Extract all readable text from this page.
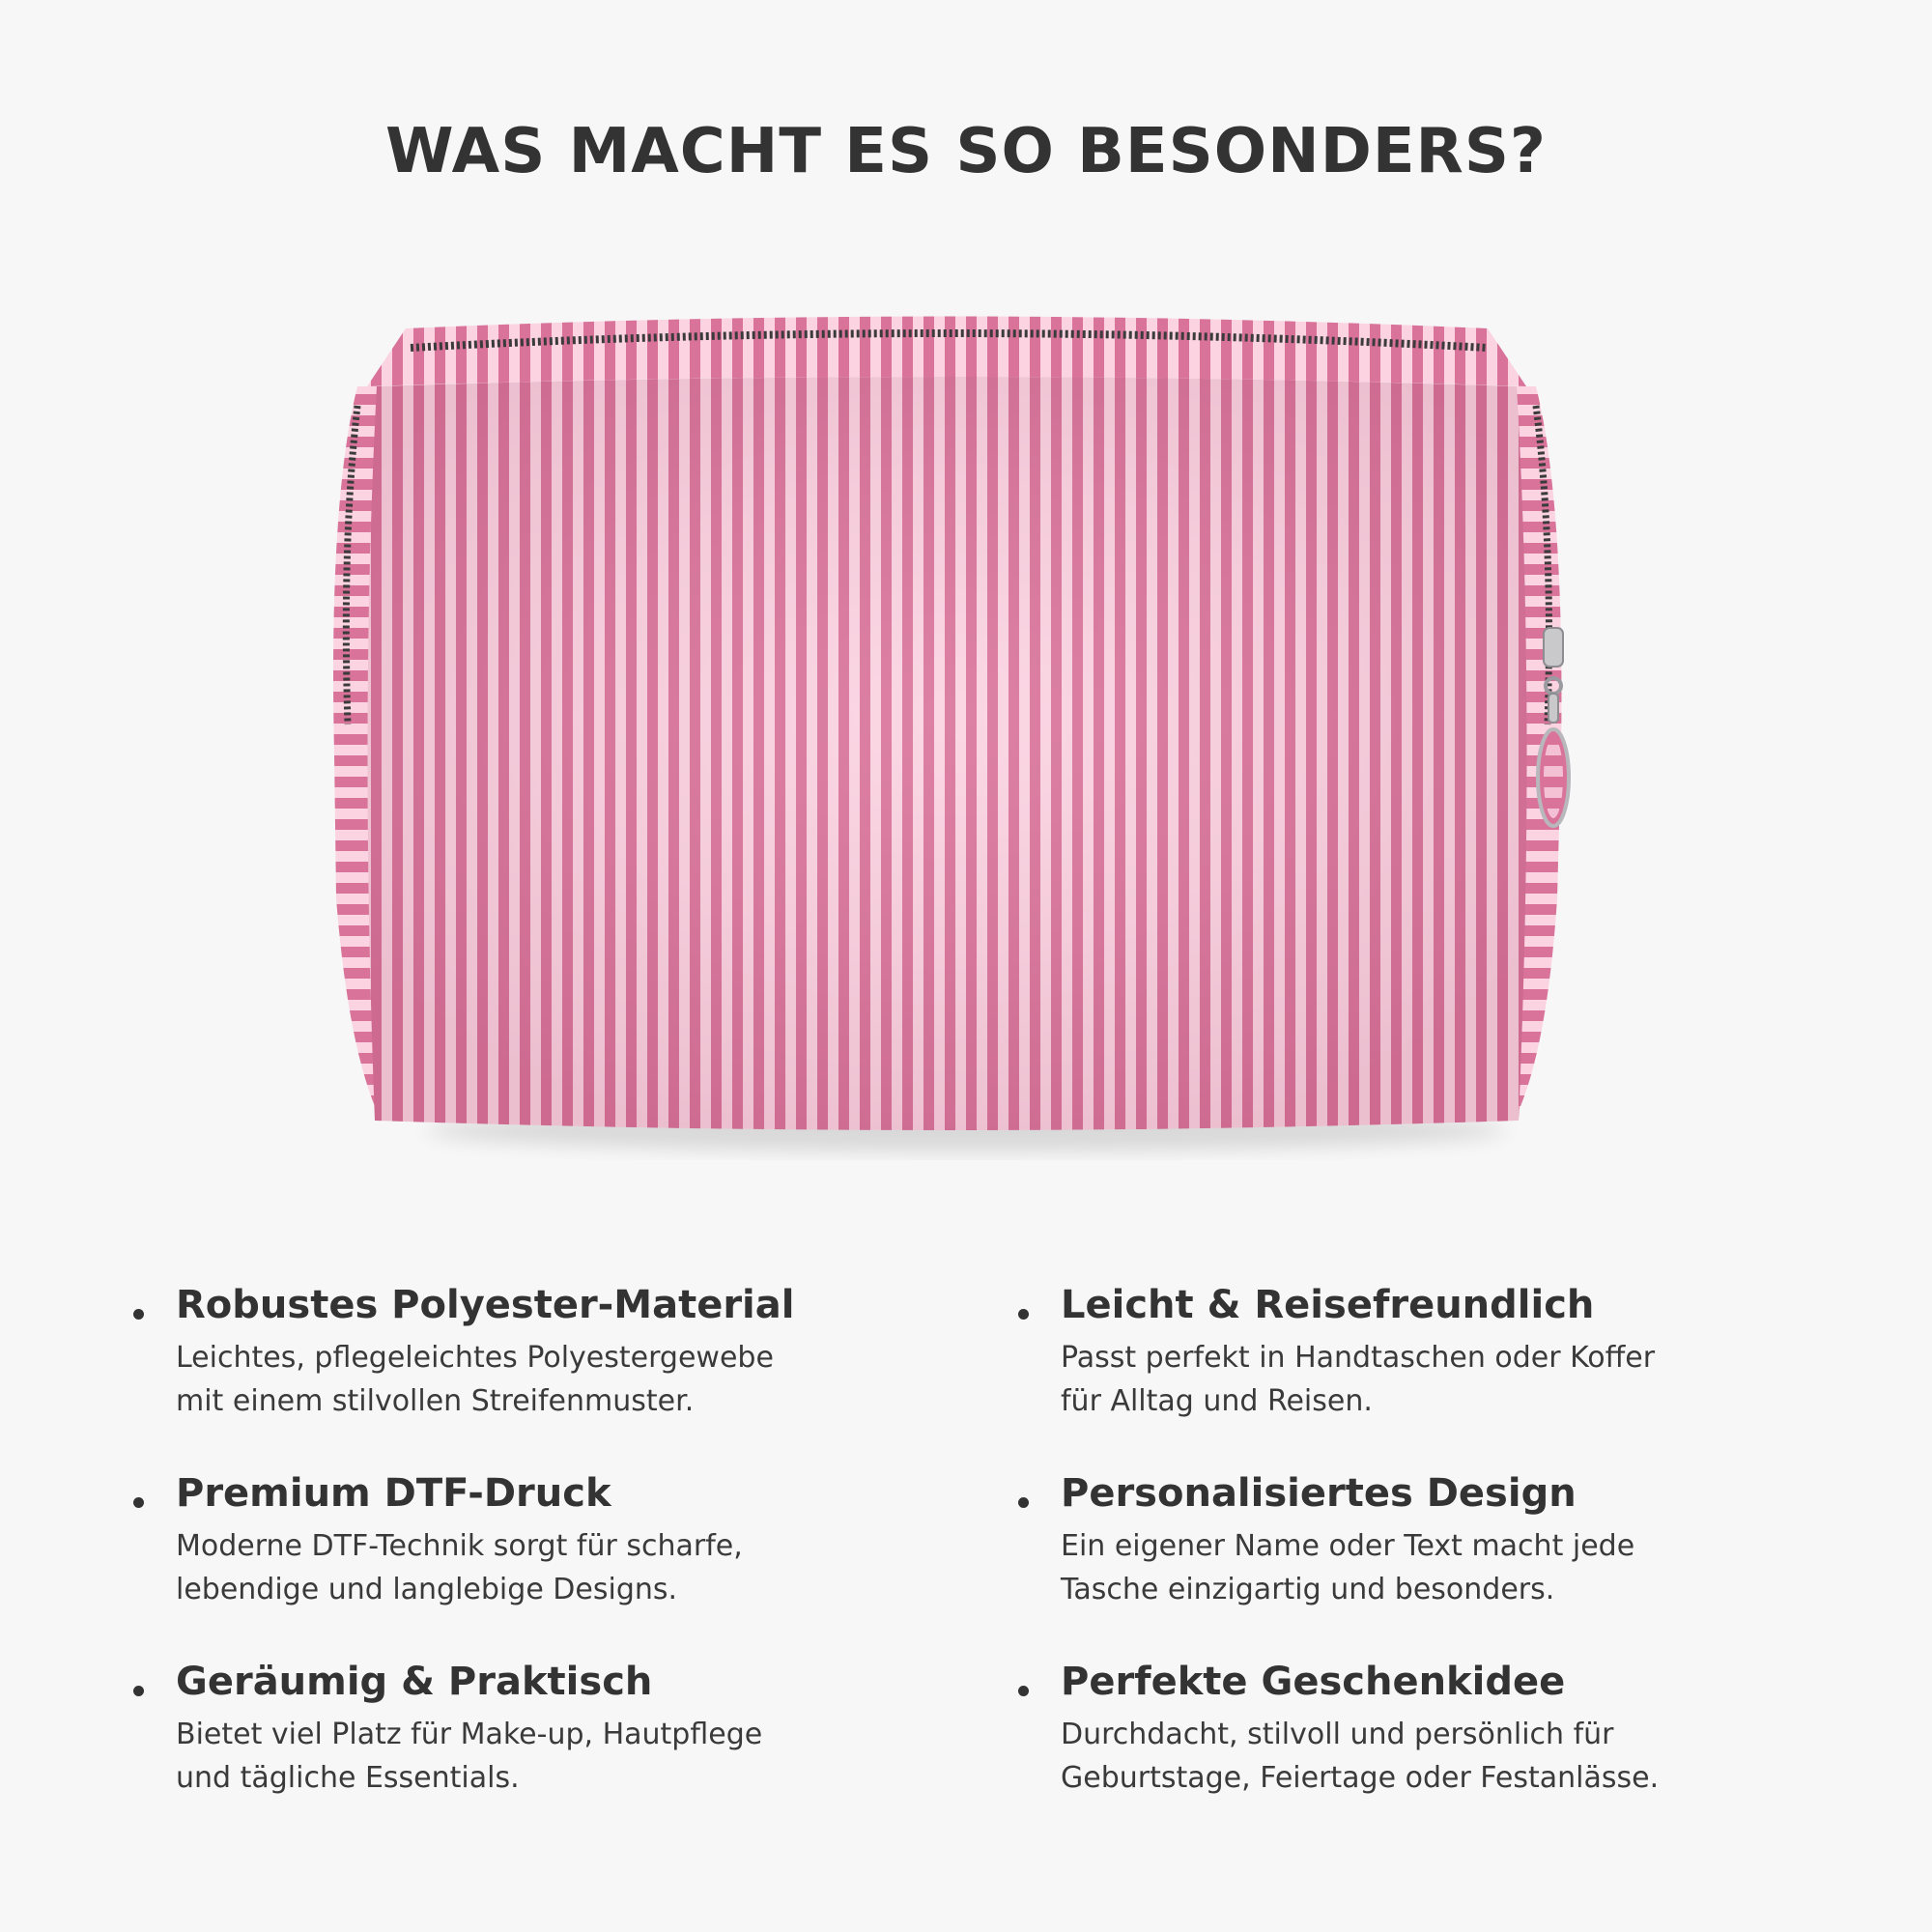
WAS MACHT ES SO BESONDERS?
Robustes Polyester-Material
Leichtes, pflegeleichtes Polyestergewebe
mit einem stilvollen Streifenmuster.
Leicht & Reisefreundlich
Passt perfekt in Handtaschen oder Koffer
für Alltag und Reisen.
Premium DTF-Druck
Moderne DTF-Technik sorgt für scharfe,
lebendige und langlebige Designs.
Personalisiertes Design
Ein eigener Name oder Text macht jede
Tasche einzigartig und besonders.
Geräumig & Praktisch
Bietet viel Platz für Make-up, Hautpflege
und tägliche Essentials.
Perfekte Geschenkidee
Durchdacht, stilvoll und persönlich für
Geburtstage, Feiertage oder Festanlässe.
